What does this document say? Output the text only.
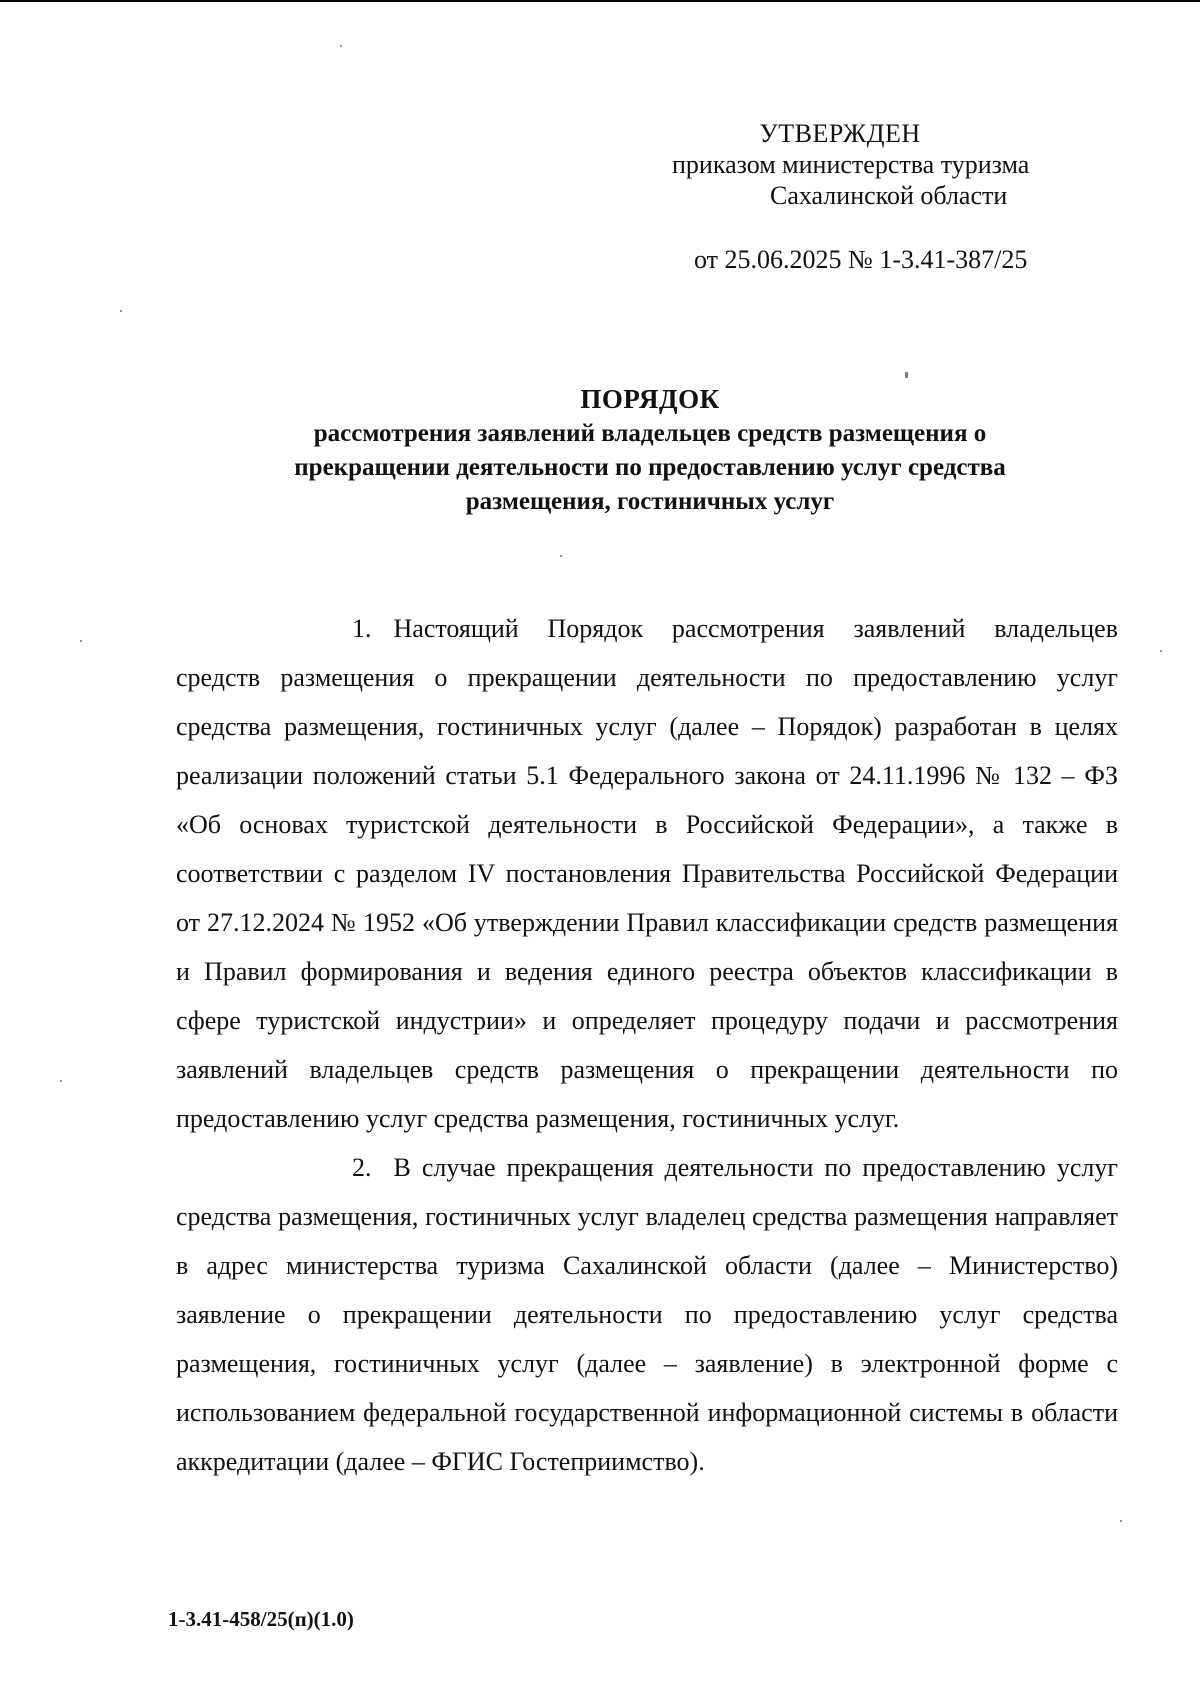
УТВЕРЖДЕН
приказом министерства туризма
Сахалинской области
от 25.06.2025 № 1-3.41-387/25
ПОРЯДОК
рассмотрения заявлений владельцев средств размещения о прекращении деятельности по предоставлению услуг средства размещения, гостиничных услуг

1. Настоящий Порядок рассмотрения заявлений владельцев средств размещения о прекращении деятельности по предоставлению услуг средства размещения, гостиничных услуг (далее – Порядок) разработан в целях реализации положений статьи 5.1 Федерального закона от 24.11.1996 № 132 – ФЗ «Об основах туристской деятельности в Российской Федерации», а также в соответствии с разделом IV постановления Правительства Российской Федерации от 27.12.2024 № 1952 «Об утверждении Правил классификации средств размещения и Правил формирования и ведения единого реестра объектов классификации в сфере туристской индустрии» и определяет процедуру подачи и рассмотрения заявлений владельцев средств размещения о прекращении деятельности по предоставлению услуг средства размещения, гостиничных услуг.

2. В случае прекращения деятельности по предоставлению услуг средства размещения, гостиничных услуг владелец средства размещения направляет в адрес министерства туризма Сахалинской области (далее – Министерство) заявление о прекращении деятельности по предоставлению услуг средства размещения, гостиничных услуг (далее – заявление) в электронной форме с использованием федеральной государственной информационной системы в области аккредитации (далее – ФГИС Гостеприимство).

1-3.41-458/25(п)(1.0)
